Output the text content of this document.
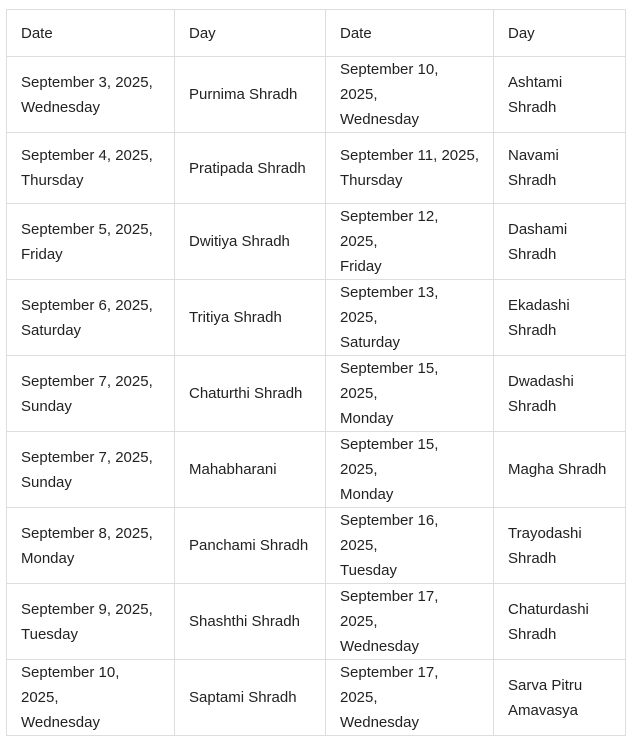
Date	Day	Date	Day

September 3, 2025,
Wednesday	Purnima Shradh	September 10, 2025,
Wednesday	Ashtami
Shradh

September 4, 2025,
Thursday	Pratipada Shradh	September 11, 2025,
Thursday	Navami
Shradh

September 5, 2025,
Friday	Dwitiya Shradh	September 12, 2025,
Friday	Dashami
Shradh

September 6, 2025,
Saturday	Tritiya Shradh	September 13, 2025,
Saturday	Ekadashi
Shradh

September 7, 2025,
Sunday	Chaturthi Shradh	September 15, 2025,
Monday	Dwadashi
Shradh

September 7, 2025,
Sunday	Mahabharani	September 15, 2025,
Monday	Magha Shradh

September 8, 2025,
Monday	Panchami Shradh	September 16, 2025,
Tuesday	Trayodashi
Shradh

September 9, 2025,
Tuesday	Shashthi Shradh	September 17, 2025,
Wednesday	Chaturdashi
Shradh

September 10, 2025,
Wednesday	Saptami Shradh	September 17, 2025,
Wednesday	Sarva Pitru
Amavasya
